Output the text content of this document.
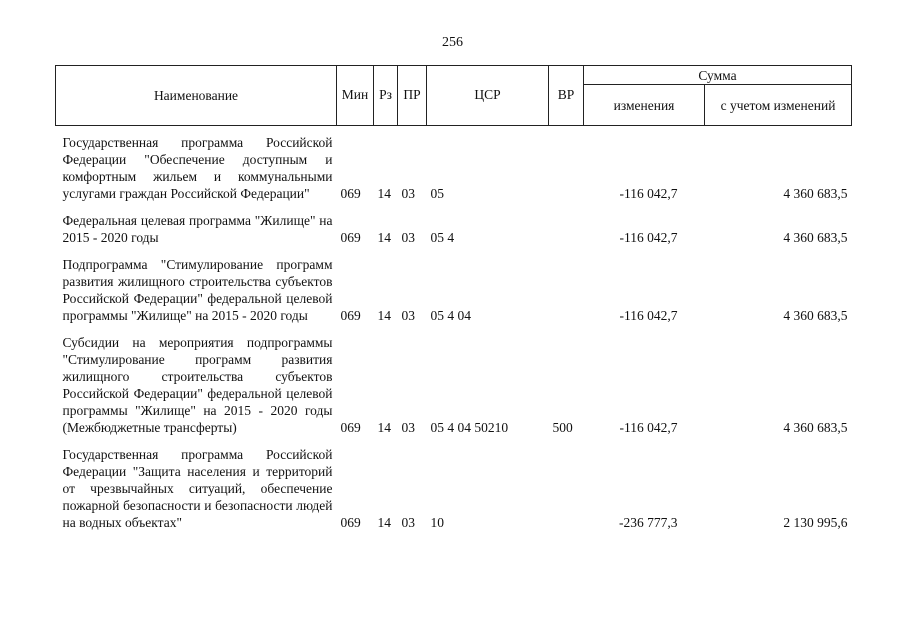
256
Наименование	Мин	Рз	ПР	ЦСР	ВР	Сумма	
						изменения	с учетом изменений
Государственная программа Российской Федерации "Обеспечение доступным и комфортным жильем и коммунальными услугами граждан Российской Федерации"	069	14	03	05		-116 042,7	4 360 683,5
Федеральная целевая программа "Жилище" на 2015 - 2020 годы	069	14	03	05 4		-116 042,7	4 360 683,5
Подпрограмма "Стимулирование программ развития жилищного строительства субъектов Российской Федерации" федеральной целевой программы "Жилище" на 2015 - 2020 годы	069	14	03	05 4 04		-116 042,7	4 360 683,5
Субсидии на мероприятия подпрограммы "Стимулирование программ развития жилищного строительства субъектов Российской Федерации" федеральной целевой программы "Жилище" на 2015 - 2020 годы (Межбюджетные трансферты)	069	14	03	05 4 04 50210	500	-116 042,7	4 360 683,5
Государственная программа Российской Федерации "Защита населения и территорий от чрезвычайных ситуаций, обеспечение пожарной безопасности и безопасности людей на водных объектах"	069	14	03	10		-236 777,3	2 130 995,6
